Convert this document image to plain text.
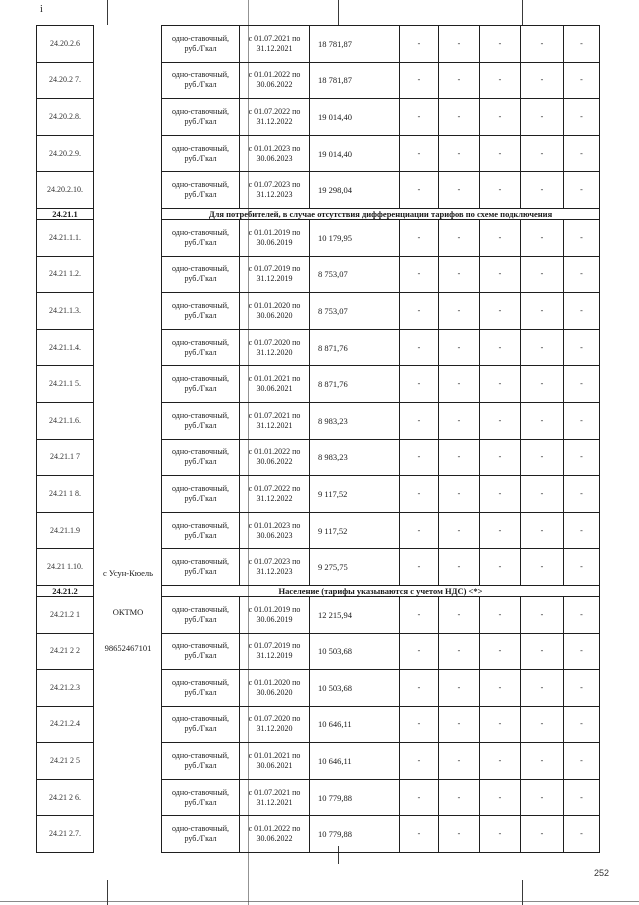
i
24.20.2.6		одно-ставочный, руб./Гкал	с 01.07.2021 по 31.12.2021	18 781,87	-	-	-	-	-
24.20.2 7.		одно-ставочный, руб./Гкал	с 01.01.2022 по 30.06.2022	18 781,87	-	-	-	-	-
24.20.2.8.		одно-ставочный, руб./Гкал	с 01.07.2022 по 31.12.2022	19 014,40	-	-	-	-	-
24.20.2.9.		одно-ставочный, руб./Гкал	с 01.01.2023 по 30.06.2023	19 014,40	-	-	-	-	-
24.20.2.10.		одно-ставочный, руб./Гкал	с 01.07.2023 по 31.12.2023	19 298,04	-	-	-	-	-
24.21.1		Для потребителей, в случае отсутствия дифференциации тарифов по схеме подключения							
24.21.1.1.		одно-ставочный, руб./Гкал	с 01.01.2019 по 30.06.2019	10 179,95	-	-	-	-	-
24.21 1.2.		одно-ставочный, руб./Гкал	с 01.07.2019 по 31.12.2019	8 753,07	-	-	-	-	-
24.21.1.3.		одно-ставочный, руб./Гкал	с 01.01.2020 по 30.06.2020	8 753,07	-	-	-	-	-
24.21.1.4.		одно-ставочный, руб./Гкал	с 01.07.2020 по 31.12.2020	8 871,76	-	-	-	-	-
24.21.1 5.		одно-ставочный, руб./Гкал	с 01.01.2021 по 30.06.2021	8 871,76	-	-	-	-	-
24.21.1.6.		одно-ставочный, руб./Гкал	с 01.07.2021 по 31.12.2021	8 983,23	-	-	-	-	-
24.21.1 7		одно-ставочный, руб./Гкал	с 01.01.2022 по 30.06.2022	8 983,23	-	-	-	-	-
24.21 1 8.		одно-ставочный, руб./Гкал	с 01.07.2022 по 31.12.2022	9 117,52	-	-	-	-	-
24.21.1.9		одно-ставочный, руб./Гкал	с 01.01.2023 по 30.06.2023	9 117,52	-	-	-	-	-
24.21 1.10.		одно-ставочный, руб./Гкал	с 01.07.2023 по 31.12.2023	9 275,75	-	-	-	-	-
24.21.2		Население (тарифы указываются с учетом НДС) <*>							
24.21.2 1		одно-ставочный, руб./Гкал	с 01.01.2019 по 30.06.2019	12 215,94	-	-	-	-	-
24.21 2 2		одно-ставочный, руб./Гкал	с 01.07.2019 по 31.12.2019	10 503,68	-	-	-	-	-
24.21.2.3		одно-ставочный, руб./Гкал	с 01.01.2020 по 30.06.2020	10 503,68	-	-	-	-	-
24.21.2.4		одно-ставочный, руб./Гкал	с 01.07.2020 по 31.12.2020	10 646,11	-	-	-	-	-
24.21 2 5		одно-ставочный, руб./Гкал	с 01.01.2021 по 30.06.2021	10 646,11	-	-	-	-	-
24.21 2 6.		одно-ставочный, руб./Гкал	с 01.07.2021 по 31.12.2021	10 779,88	-	-	-	-	-
24.21 2.7.		одно-ставочный, руб./Гкал	с 01.01.2022 по 30.06.2022	10 779,88	-	-	-	-	-
252
с Усун-Кюель
ОКТМО
98652467101
